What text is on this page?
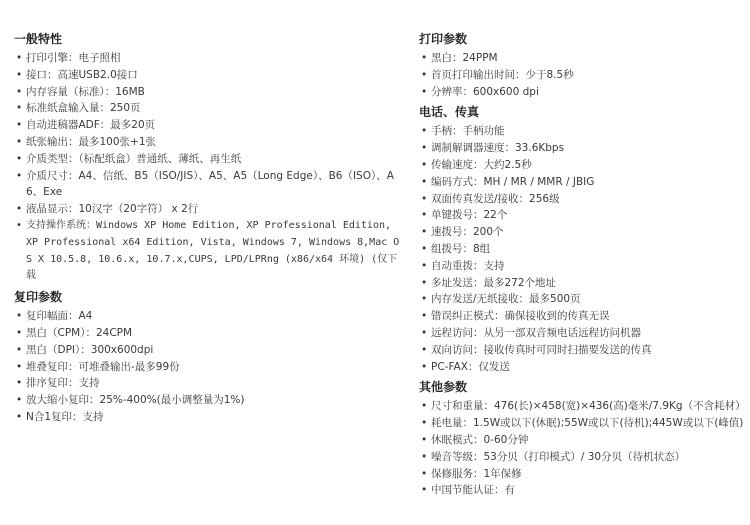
一般特性
• 打印引擎：电子照相
• 接口：高速USB2.0接口
• 内存容量（标准）：16MB
• 标准纸盒输入量：250页
• 自动进稿器ADF：最多20页
• 纸张输出：最多100张+1张
• 介质类型：（标配纸盒）普通纸、薄纸、再生纸
• 介质尺寸：A4、信纸、B5（ISO/JIS）、A5、A5（Long Edge）、B6（ISO）、A6、Exe
• 液晶显示：10汉字（20字符） x 2行
• 支持操作系统：Windows XP Home Edition, XP Professional Edition, XP Professional x64 Edition, Vista, Windows 7, Windows 8,Mac OS X 10.5.8, 10.6.x, 10.7.x,CUPS, LPD/LPRng (x86/x64 环境) (仅下载
复印参数
• 复印幅面：A4
• 黑白（CPM）：24CPM
• 黑白（DPI）：300x600dpi
• 堆叠复印：可堆叠输出-最多99份
• 排序复印：支持
• 放大缩小复印：25%-400%(最小调整量为1%)
• N合1复印：支持
打印参数
• 黑白：24PPM
• 首页打印输出时间：少于8.5秒
• 分辨率：600x600 dpi
电话、传真
• 手柄：手柄功能
• 调制解调器速度：33.6Kbps
• 传输速度：大约2.5秒
• 编码方式：MH / MR / MMR / JBIG
• 双面传真发送/接收：256级
• 单键拨号：22个
• 速拨号：200个
• 组拨号：8组
• 自动重拨：支持
• 多址发送：最多272个地址
• 内存发送/无纸接收：最多500页
• 错误纠正模式：确保接收到的传真无误
• 远程访问：从另一部双音频电话远程访问机器
• 双向访问：接收传真时可同时扫描要发送的传真
• PC-FAX：仅发送
其他参数
• 尺寸和重量：476(长)×458(宽)×436(高)毫米/7.9Kg（不含耗材）
• 耗电量：1.5W或以下(休眠);55W或以下(待机);445W或以下(峰值)
• 休眠模式：0-60分钟
• 噪音等级：53分贝（打印模式）/ 30分贝（待机状态）
• 保修服务：1年保修
• 中国节能认证：有
